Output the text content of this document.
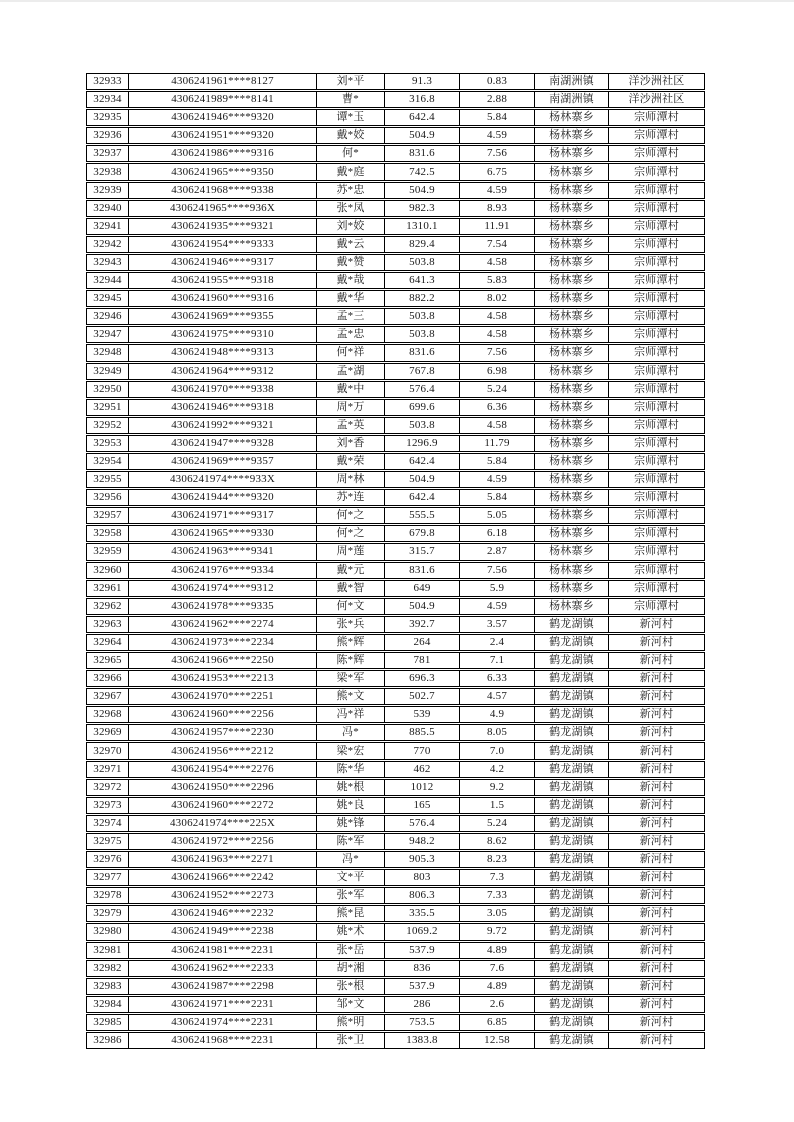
32933	4306241961****8127	刘*平	91.3	0.83	南湖洲镇	洋沙洲社区
32934	4306241989****8141	曹*	316.8	2.88	南湖洲镇	洋沙洲社区
32935	4306241946****9320	谭*玉	642.4	5.84	杨林寨乡	宗师潭村
32936	4306241951****9320	戴*姣	504.9	4.59	杨林寨乡	宗师潭村
32937	4306241986****9316	何*	831.6	7.56	杨林寨乡	宗师潭村
32938	4306241965****9350	戴*庭	742.5	6.75	杨林寨乡	宗师潭村
32939	4306241968****9338	苏*忠	504.9	4.59	杨林寨乡	宗师潭村
32940	4306241965****936X	张*凤	982.3	8.93	杨林寨乡	宗师潭村
32941	4306241935****9321	刘*姣	1310.1	11.91	杨林寨乡	宗师潭村
32942	4306241954****9333	戴*云	829.4	7.54	杨林寨乡	宗师潭村
32943	4306241946****9317	戴*赞	503.8	4.58	杨林寨乡	宗师潭村
32944	4306241955****9318	戴*哉	641.3	5.83	杨林寨乡	宗师潭村
32945	4306241960****9316	戴*华	882.2	8.02	杨林寨乡	宗师潭村
32946	4306241969****9355	孟*三	503.8	4.58	杨林寨乡	宗师潭村
32947	4306241975****9310	孟*忠	503.8	4.58	杨林寨乡	宗师潭村
32948	4306241948****9313	何*祥	831.6	7.56	杨林寨乡	宗师潭村
32949	4306241964****9312	孟*湖	767.8	6.98	杨林寨乡	宗师潭村
32950	4306241970****9338	戴*中	576.4	5.24	杨林寨乡	宗师潭村
32951	4306241946****9318	周*万	699.6	6.36	杨林寨乡	宗师潭村
32952	4306241992****9321	孟*英	503.8	4.58	杨林寨乡	宗师潭村
32953	4306241947****9328	刘*香	1296.9	11.79	杨林寨乡	宗师潭村
32954	4306241969****9357	戴*荣	642.4	5.84	杨林寨乡	宗师潭村
32955	4306241974****933X	周*林	504.9	4.59	杨林寨乡	宗师潭村
32956	4306241944****9320	苏*连	642.4	5.84	杨林寨乡	宗师潭村
32957	4306241971****9317	何*之	555.5	5.05	杨林寨乡	宗师潭村
32958	4306241965****9330	何*之	679.8	6.18	杨林寨乡	宗师潭村
32959	4306241963****9341	周*莲	315.7	2.87	杨林寨乡	宗师潭村
32960	4306241976****9334	戴*元	831.6	7.56	杨林寨乡	宗师潭村
32961	4306241974****9312	戴*智	649	5.9	杨林寨乡	宗师潭村
32962	4306241978****9335	何*文	504.9	4.59	杨林寨乡	宗师潭村
32963	4306241962****2274	张*兵	392.7	3.57	鹤龙湖镇	新河村
32964	4306241973****2234	熊*辉	264	2.4	鹤龙湖镇	新河村
32965	4306241966****2250	陈*辉	781	7.1	鹤龙湖镇	新河村
32966	4306241953****2213	梁*军	696.3	6.33	鹤龙湖镇	新河村
32967	4306241970****2251	熊*文	502.7	4.57	鹤龙湖镇	新河村
32968	4306241960****2256	冯*祥	539	4.9	鹤龙湖镇	新河村
32969	4306241957****2230	冯*	885.5	8.05	鹤龙湖镇	新河村
32970	4306241956****2212	梁*宏	770	7.0	鹤龙湖镇	新河村
32971	4306241954****2276	陈*华	462	4.2	鹤龙湖镇	新河村
32972	4306241950****2296	姚*根	1012	9.2	鹤龙湖镇	新河村
32973	4306241960****2272	姚*良	165	1.5	鹤龙湖镇	新河村
32974	4306241974****225X	姚*锋	576.4	5.24	鹤龙湖镇	新河村
32975	4306241972****2256	陈*军	948.2	8.62	鹤龙湖镇	新河村
32976	4306241963****2271	冯*	905.3	8.23	鹤龙湖镇	新河村
32977	4306241966****2242	文*平	803	7.3	鹤龙湖镇	新河村
32978	4306241952****2273	张*军	806.3	7.33	鹤龙湖镇	新河村
32979	4306241946****2232	熊*昆	335.5	3.05	鹤龙湖镇	新河村
32980	4306241949****2238	姚*术	1069.2	9.72	鹤龙湖镇	新河村
32981	4306241981****2231	张*岳	537.9	4.89	鹤龙湖镇	新河村
32982	4306241962****2233	胡*湘	836	7.6	鹤龙湖镇	新河村
32983	4306241987****2298	张*根	537.9	4.89	鹤龙湖镇	新河村
32984	4306241971****2231	邹*文	286	2.6	鹤龙湖镇	新河村
32985	4306241974****2231	熊*明	753.5	6.85	鹤龙湖镇	新河村
32986	4306241968****2231	张*卫	1383.8	12.58	鹤龙湖镇	新河村
